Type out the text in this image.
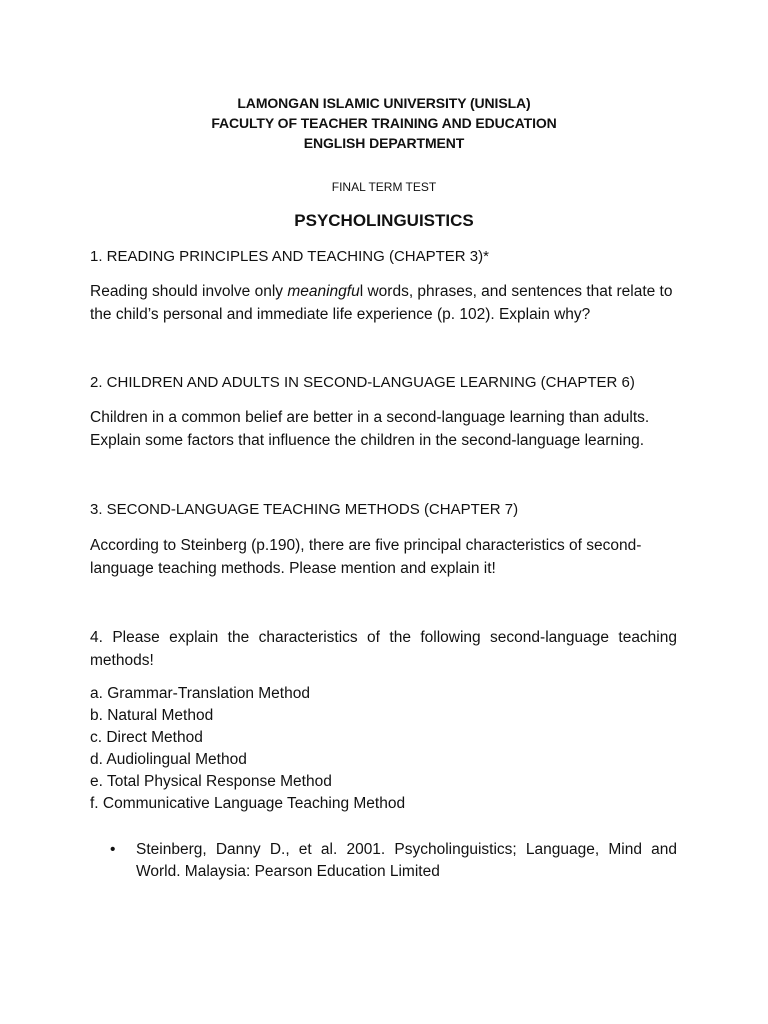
LAMONGAN ISLAMIC UNIVERSITY (UNISLA)
FACULTY OF TEACHER TRAINING AND EDUCATION
ENGLISH DEPARTMENT
FINAL TERM TEST
PSYCHOLINGUISTICS
1. READING PRINCIPLES AND TEACHING (CHAPTER 3)*
Reading should involve only meaningful words, phrases, and sentences that relate to the child’s personal and immediate life experience (p. 102). Explain why?
2. CHILDREN AND ADULTS IN SECOND-LANGUAGE LEARNING (CHAPTER 6)
Children in a common belief are better in a second-language learning than adults. Explain some factors that influence the children in the second-language learning.
3. SECOND-LANGUAGE TEACHING METHODS (CHAPTER 7)
According to Steinberg (p.190), there are five principal characteristics of second-language teaching methods. Please mention and explain it!
4. Please explain the characteristics of the following second-language teaching methods!
a. Grammar-Translation Method
b. Natural Method
c. Direct Method
d. Audiolingual Method
e. Total Physical Response Method
f. Communicative Language Teaching Method
• Steinberg, Danny D., et al. 2001. Psycholinguistics; Language, Mind and World. Malaysia: Pearson Education Limited
